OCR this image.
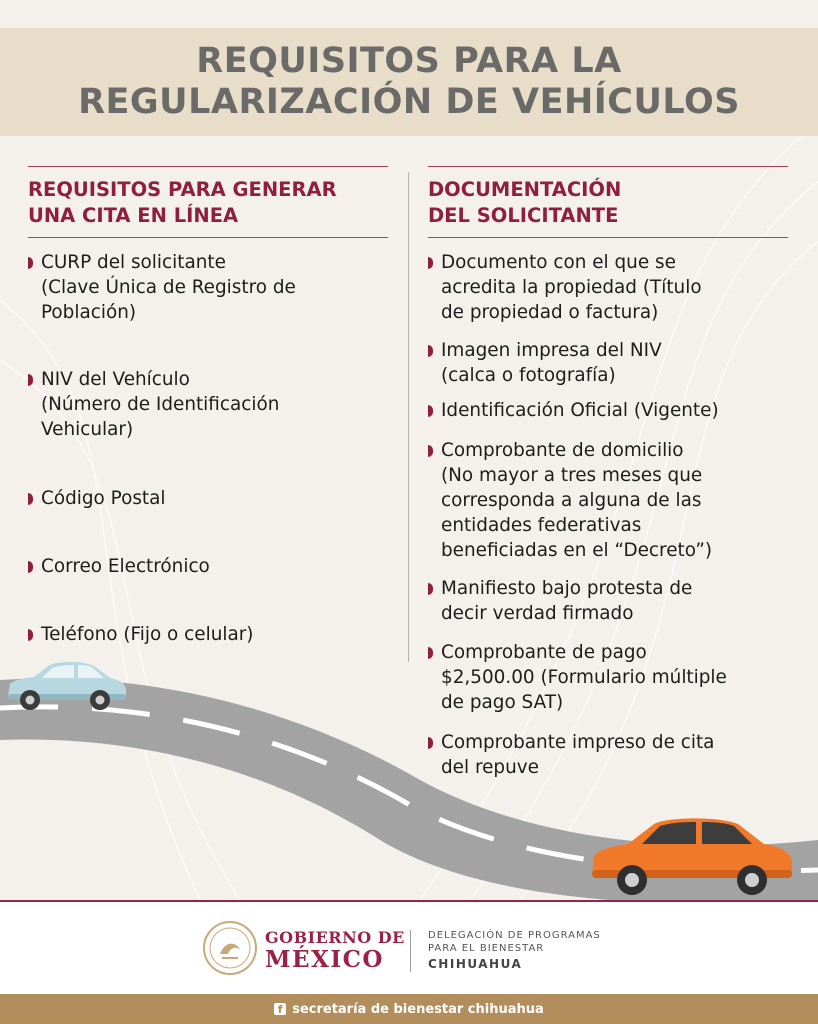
REQUISITOS PARA LA
REGULARIZACIÓN DE VEHÍCULOS
REQUISITOS PARA GENERAR
UNA CITA EN LÍNEA
CURP del solicitante
(Clave Única de Registro de
Población)
NIV del Vehículo
(Número de Identificación
Vehicular)
Código Postal
Correo Electrónico
Teléfono (Fijo o celular)
DOCUMENTACIÓN
DEL SOLICITANTE
Documento con el que se
acredita la propiedad (Título
de propiedad o factura)
Imagen impresa del NIV
(calca o fotografía)
Identificación Oficial (Vigente)
Comprobante de domicilio
(No mayor a tres meses que
corresponda a alguna de las
entidades federativas
beneficiadas en el “Decreto”)
Manifiesto bajo protesta de
decir verdad firmado
Comprobante de pago
$2,500.00 (Formulario múltiple
de pago SAT)
Comprobante impreso de cita
del repuve
GOBIERNO DE
MÉXICO
DELEGACIÓN DE PROGRAMAS
PARA EL BIENESTAR
CHIHUAHUA
f secretaría de bienestar chihuahua
